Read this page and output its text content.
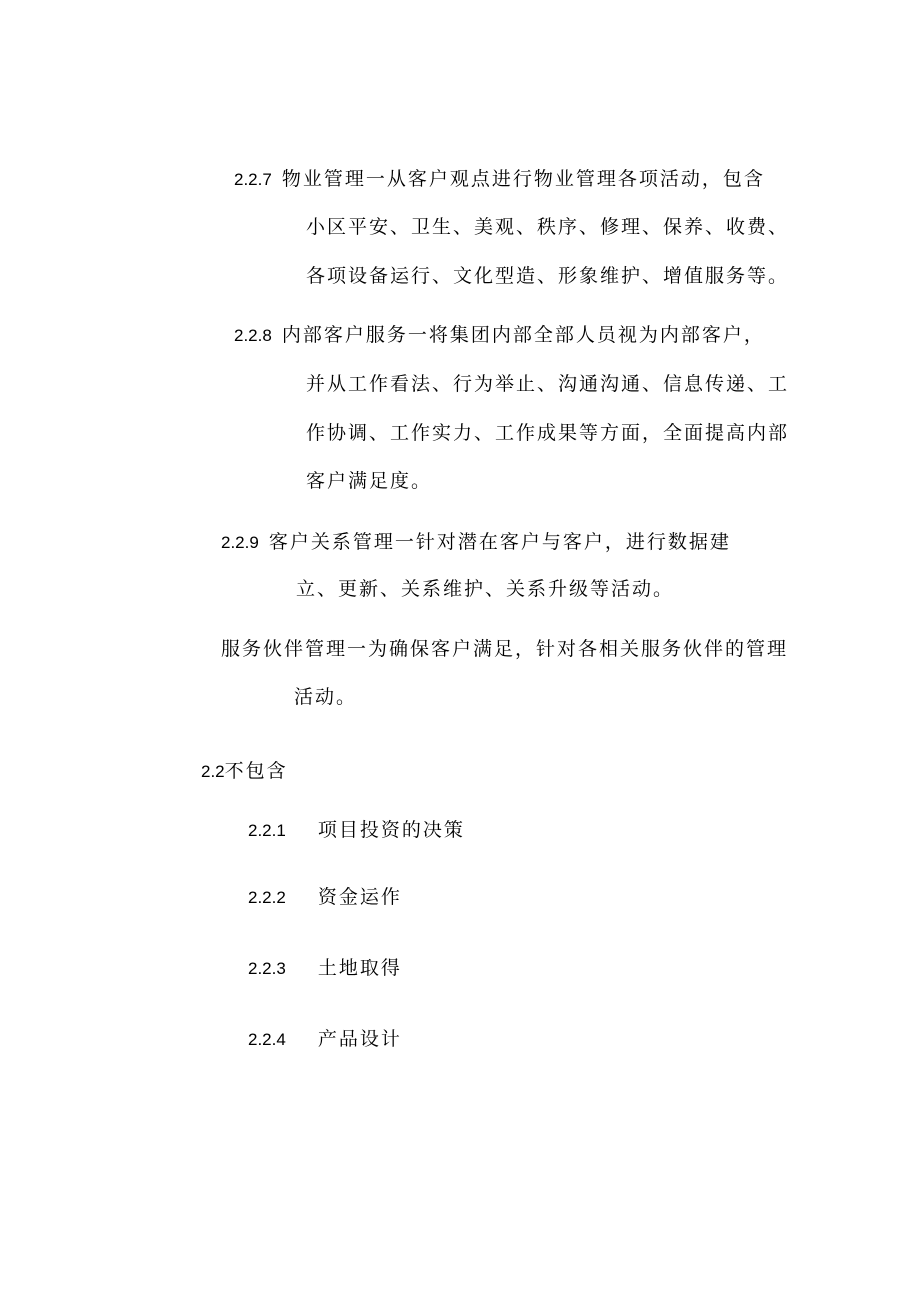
2.2.7 物业管理一从客户观点进行物业管理各项活动，包含
小区平安、卫生、美观、秩序、修理、保养、收费、
各项设备运行、文化型造、形象维护、增值服务等。
2.2.8 内部客户服务一将集团内部全部人员视为内部客户，
并从工作看法、行为举止、沟通沟通、信息传递、工
作协调、工作实力、工作成果等方面，全面提高内部
客户满足度。
2.2.9 客户关系管理一针对潜在客户与客户，进行数据建
立、更新、关系维护、关系升级等活动。
服务伙伴管理一为确保客户满足，针对各相关服务伙伴的管理
活动。
2.2不包含
2.2.1 项目投资的决策
2.2.2 资金运作
2.2.3 土地取得
2.2.4 产品设计
